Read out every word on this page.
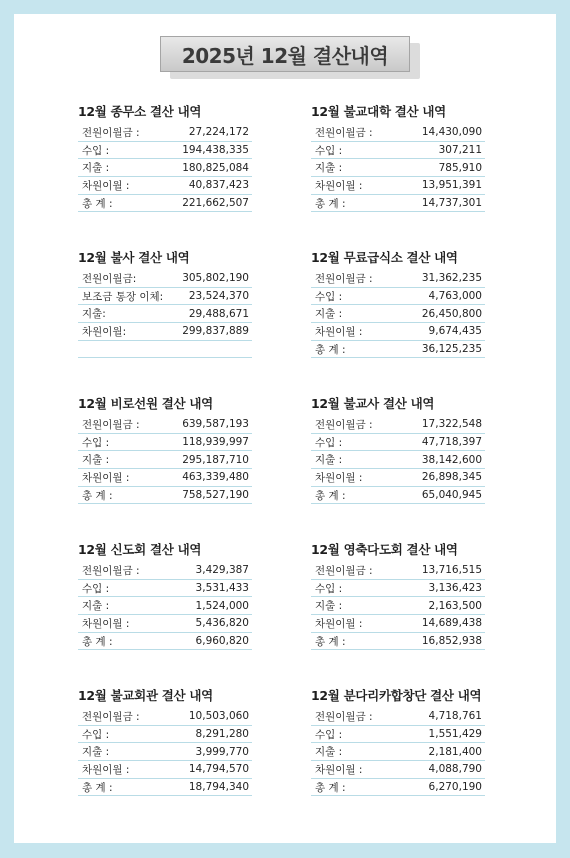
2025년 12월 결산내역
12월 종무소 결산 내역
전원이월금 :	27,224,172
수입 :	194,438,335
지출 :	180,825,084
차원이월 :	40,837,423
총 계 :	221,662,507
12월 불교대학 결산 내역
전원이월금 :	14,430,090
수입 :	307,211
지출 :	785,910
차원이월 :	13,951,391
총 계 :	14,737,301
12월 불사 결산 내역
전원이월금:	305,802,190
보조금 통장 이체: 23,524,370
지출:	29,488,671
차원이월:	299,837,889
12월 무료급식소 결산 내역
전원이월금 :	31,362,235
수입 :	4,763,000
지출 :	26,450,800
차원이월 :	9,674,435
총 계 :	36,125,235
12월 비로선원 결산 내역
전원이월금 :	639,587,193
수입 :	118,939,997
지출 :	295,187,710
차원이월 :	463,339,480
총 계 :	758,527,190
12월 불교사 결산 내역
전원이월금 :	17,322,548
수입 :	47,718,397
지출 :	38,142,600
차원이월 :	26,898,345
총 계 :	65,040,945
12월 신도회 결산 내역
전원이월금 :	3,429,387
수입 :	3,531,433
지출 :	1,524,000
차원이월 :	5,436,820
총 계 :	6,960,820
12월 영축다도회 결산 내역
전원이월금 :	13,716,515
수입 :	3,136,423
지출 :	2,163,500
차원이월 :	14,689,438
총 계 :	16,852,938
12월 불교회관 결산 내역
전원이월금 :	10,503,060
수입 :	8,291,280
지출 :	3,999,770
차원이월 :	14,794,570
총 계 :	18,794,340
12월 분다리카합창단 결산 내역
전원이월금 :	4,718,761
수입 :	1,551,429
지출 :	2,181,400
차원이월 :	4,088,790
총 계 :	6,270,190
